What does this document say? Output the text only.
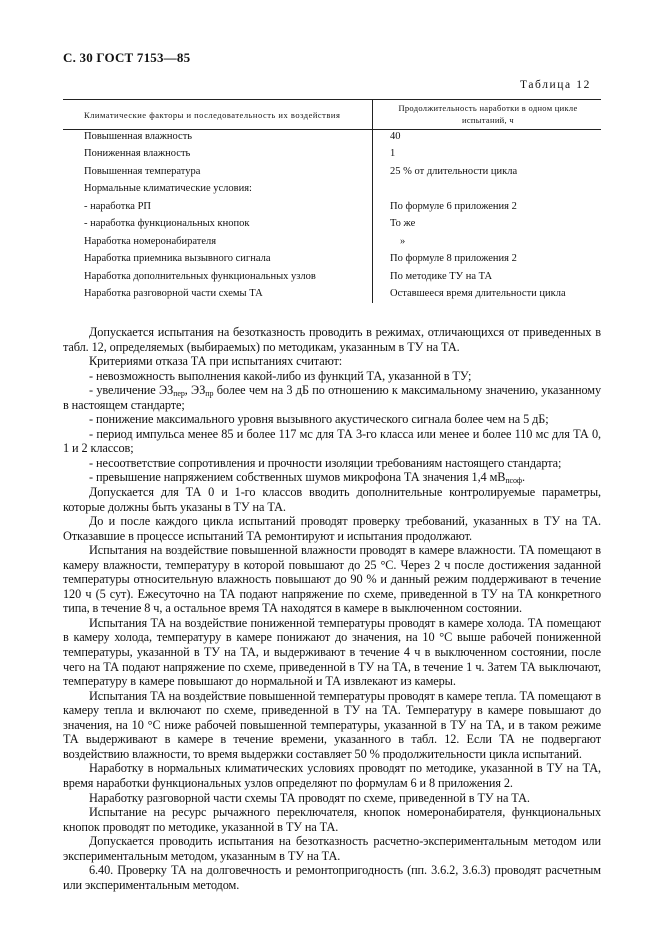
С. 30 ГОСТ 7153—85
Таблица 12
Климатические факторы и последовательность их воздействия
Продолжительность наработки в одном цикле испытаний, ч
Повышенная влажность	40
Пониженная влажность	1
Повышенная температура	25 % от длительности цикла
Нормальные климатические условия:
- наработка РП	По формуле 6 приложения 2
- наработка функциональных кнопок	То же
Наработка номеронабирателя	»
Наработка приемника вызывного сигнала	По формуле 8 приложения 2
Наработка дополнительных функциональных узлов	По методике ТУ на ТА
Наработка разговорной части схемы ТА	Оставшееся время длительности цикла

Допускается испытания на безотказность проводить в режимах, отличающихся от приведенных в табл. 12, определяемых (выбираемых) по методикам, указанным в ТУ на ТА.

Критериями отказа ТА при испытаниях считают:

- невозможность выполнения какой-либо из функций ТА, указанной в ТУ;

- увеличение $ЭЗ_{пер}$, $ЭЗ_{пр}$ более чем на 3 дБ по отношению к максимальному значению, указанному в настоящем стандарте;

- понижение максимального уровня вызывного акустического сигнала более чем на 5 дБ;

- период импульса менее 85 и более 117 мс для ТА 3-го класса или менее и более 110 мс для ТА 0, 1 и 2 классов;

- несоответствие сопротивления и прочности изоляции требованиям настоящего стандарта;

- превышение напряжением собственных шумов микрофона ТА значения 1,4 $мВ_{псоф}$.

Допускается для ТА 0 и 1-го классов вводить дополнительные контролируемые параметры, которые должны быть указаны в ТУ на ТА.

До и после каждого цикла испытаний проводят проверку требований, указанных в ТУ на ТА. Отказавшие в процессе испытаний ТА ремонтируют и испытания продолжают.

Испытания на воздействие повышенной влажности проводят в камере влажности. ТА помещают в камеру влажности, температуру в которой повышают до 25 °С. Через 2 ч после достижения заданной температуры относительную влажность повышают до 90 % и данный режим поддерживают в течение 120 ч (5 сут). Ежесуточно на ТА подают напряжение по схеме, приведенной в ТУ на ТА конкретного типа, в течение 8 ч, а остальное время ТА находятся в камере в выключенном состоянии.

Испытания ТА на воздействие пониженной температуры проводят в камере холода. ТА помещают в камеру холода, температуру в камере понижают до значения, на 10 °С выше рабочей пониженной температуры, указанной в ТУ на ТА, и выдерживают в течение 4 ч в выключенном состоянии, после чего на ТА подают напряжение по схеме, приведенной в ТУ на ТА, в течение 1 ч. Затем ТА выключают, температуру в камере повышают до нормальной и ТА извлекают из камеры.

Испытания ТА на воздействие повышенной температуры проводят в камере тепла. ТА помещают в камеру тепла и включают по схеме, приведенной в ТУ на ТА. Температуру в камере повышают до значения, на 10 °С ниже рабочей повышенной температуры, указанной в ТУ на ТА, и в таком режиме ТА выдерживают в камере в течение времени, указанного в табл. 12. Если ТА не подвергают воздействию влажности, то время выдержки составляет 50 % продолжительности цикла испытаний.

Наработку в нормальных климатических условиях проводят по методике, указанной в ТУ на ТА, время наработки функциональных узлов определяют по формулам 6 и 8 приложения 2.

Наработку разговорной части схемы ТА проводят по схеме, приведенной в ТУ на ТА.

Испытание на ресурс рычажного переключателя, кнопок номеронабирателя, функциональных кнопок проводят по методике, указанной в ТУ на ТА.

Допускается проводить испытания на безотказность расчетно-экспериментальным методом или экспериментальным методом, указанным в ТУ на ТА.

6.40. Проверку ТА на долговечность и ремонтопригодность (пп. 3.6.2, 3.6.3) проводят расчетным или экспериментальным методом.
